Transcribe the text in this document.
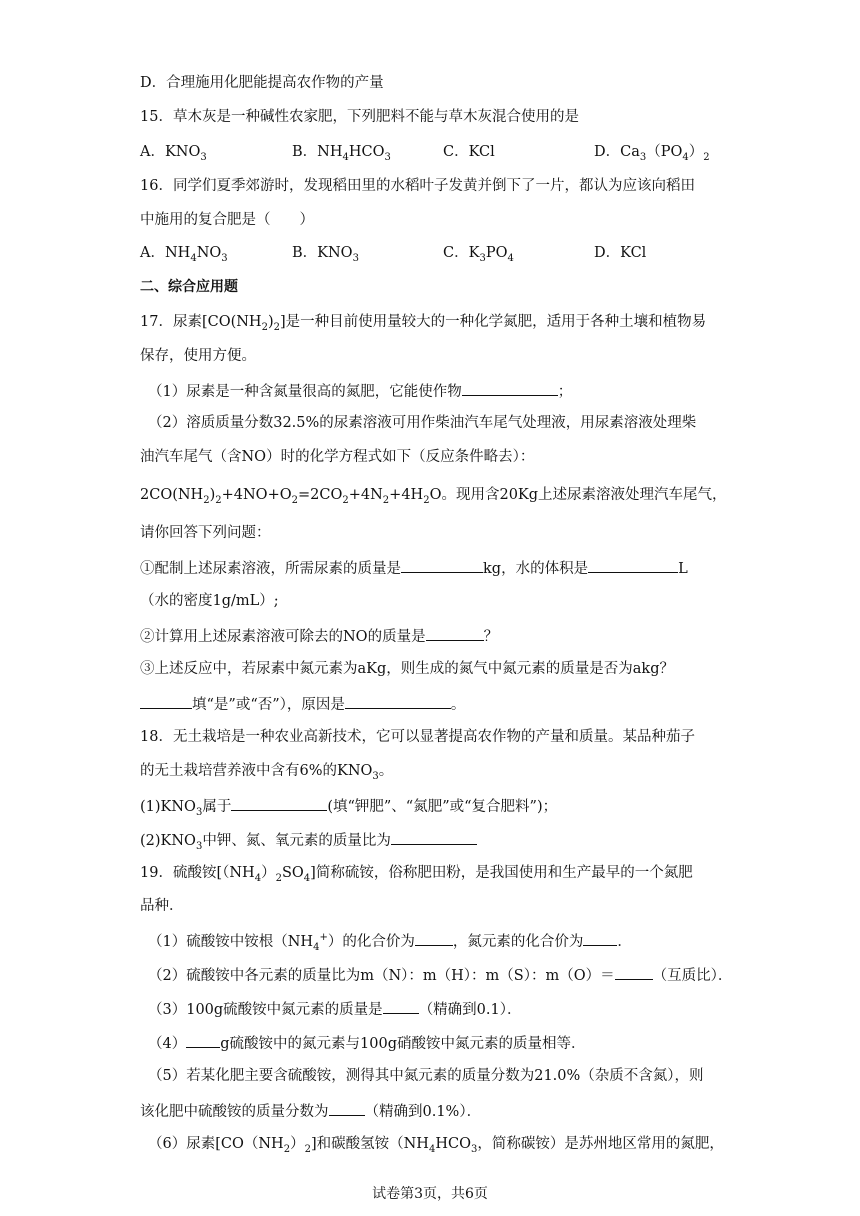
D．合理施用化肥能提高农作物的产量
15．草木灰是一种碱性农家肥，下列肥料不能与草木灰混合使用的是
A．$KNO_3$	B．$NH_4HCO_3$	C．KCl	D．$Ca_3(PO_4)_2$
16．同学们夏季郊游时，发现稻田里的水稻叶子发黄并倒下了一片，都认为应该向稻田
中施用的复合肥是（　　）
A．$NH_4NO_3$	B．$KNO_3$	C．$K_3PO_4$	D．KCl
二、综合应用题
17．尿素$[CO(NH_2)_2]$是一种目前使用量较大的一种化学氮肥，适用于各种土壤和植物易
保存，使用方便。
（1）尿素是一种含氮量很高的氮肥，它能使作物	；
（2）溶质质量分数32.5%的尿素溶液可用作柴油汽车尾气处理液，用尿素溶液处理柴
油汽车尾气（含NO）时的化学方程式如下（反应条件略去）：
$2CO(NH_2)_2+4NO+O_2=2CO_2+4N_2+4H_2O$。现用含20Kg上述尿素溶液处理汽车尾气，
请你回答下列问题：
①配制上述尿素溶液，所需尿素的质量是	kg，水的体积是	L
（水的密度1g/mL）;
②计算用上述尿素溶液可除去的NO的质量是	？
③上述反应中，若尿素中氮元素为aKg，则生成的氮气中氮元素的质量是否为akg？
填“是”或“否”），原因是	。
18．无土栽培是一种农业高新技术，它可以显著提高农作物的产量和质量。某品种茄子
的无土栽培营养液中含有6%的$KNO_3$。
$(1)KNO_3$属于	(填“钾肥”、“氮肥”或“复合肥料”)；
$(2)KNO_3$中钾、氮、氧元素的质量比为
19．硫酸铵$[(NH_4)_2SO_4]$简称硫铵，俗称肥田粉，是我国使用和生产最早的一个氮肥
品种．
（1）硫酸铵中铵根$(NH_4^+)$的化合价为	，氮元素的化合价为 ．
（2）硫酸铵中各元素的质量比为m（N）：m（H）：m（S）：m（O）＝	（互质比）．
（3）100g硫酸铵中氮元素的质量是 （精确到0.1）．
（4） g硫酸铵中的氮元素与100g硝酸铵中氮元素的质量相等．
（5）若某化肥主要含硫酸铵，测得其中氮元素的质量分数为21.0%（杂质不含氮），则
该化肥中硫酸铵的质量分数为 （精确到0.1%）．
（6）尿素$[CO(NH_2)_2]$和碳酸氢铵（$NH_4HCO_3$，简称碳铵）是苏州地区常用的氮肥，
试卷第3页，共6页
